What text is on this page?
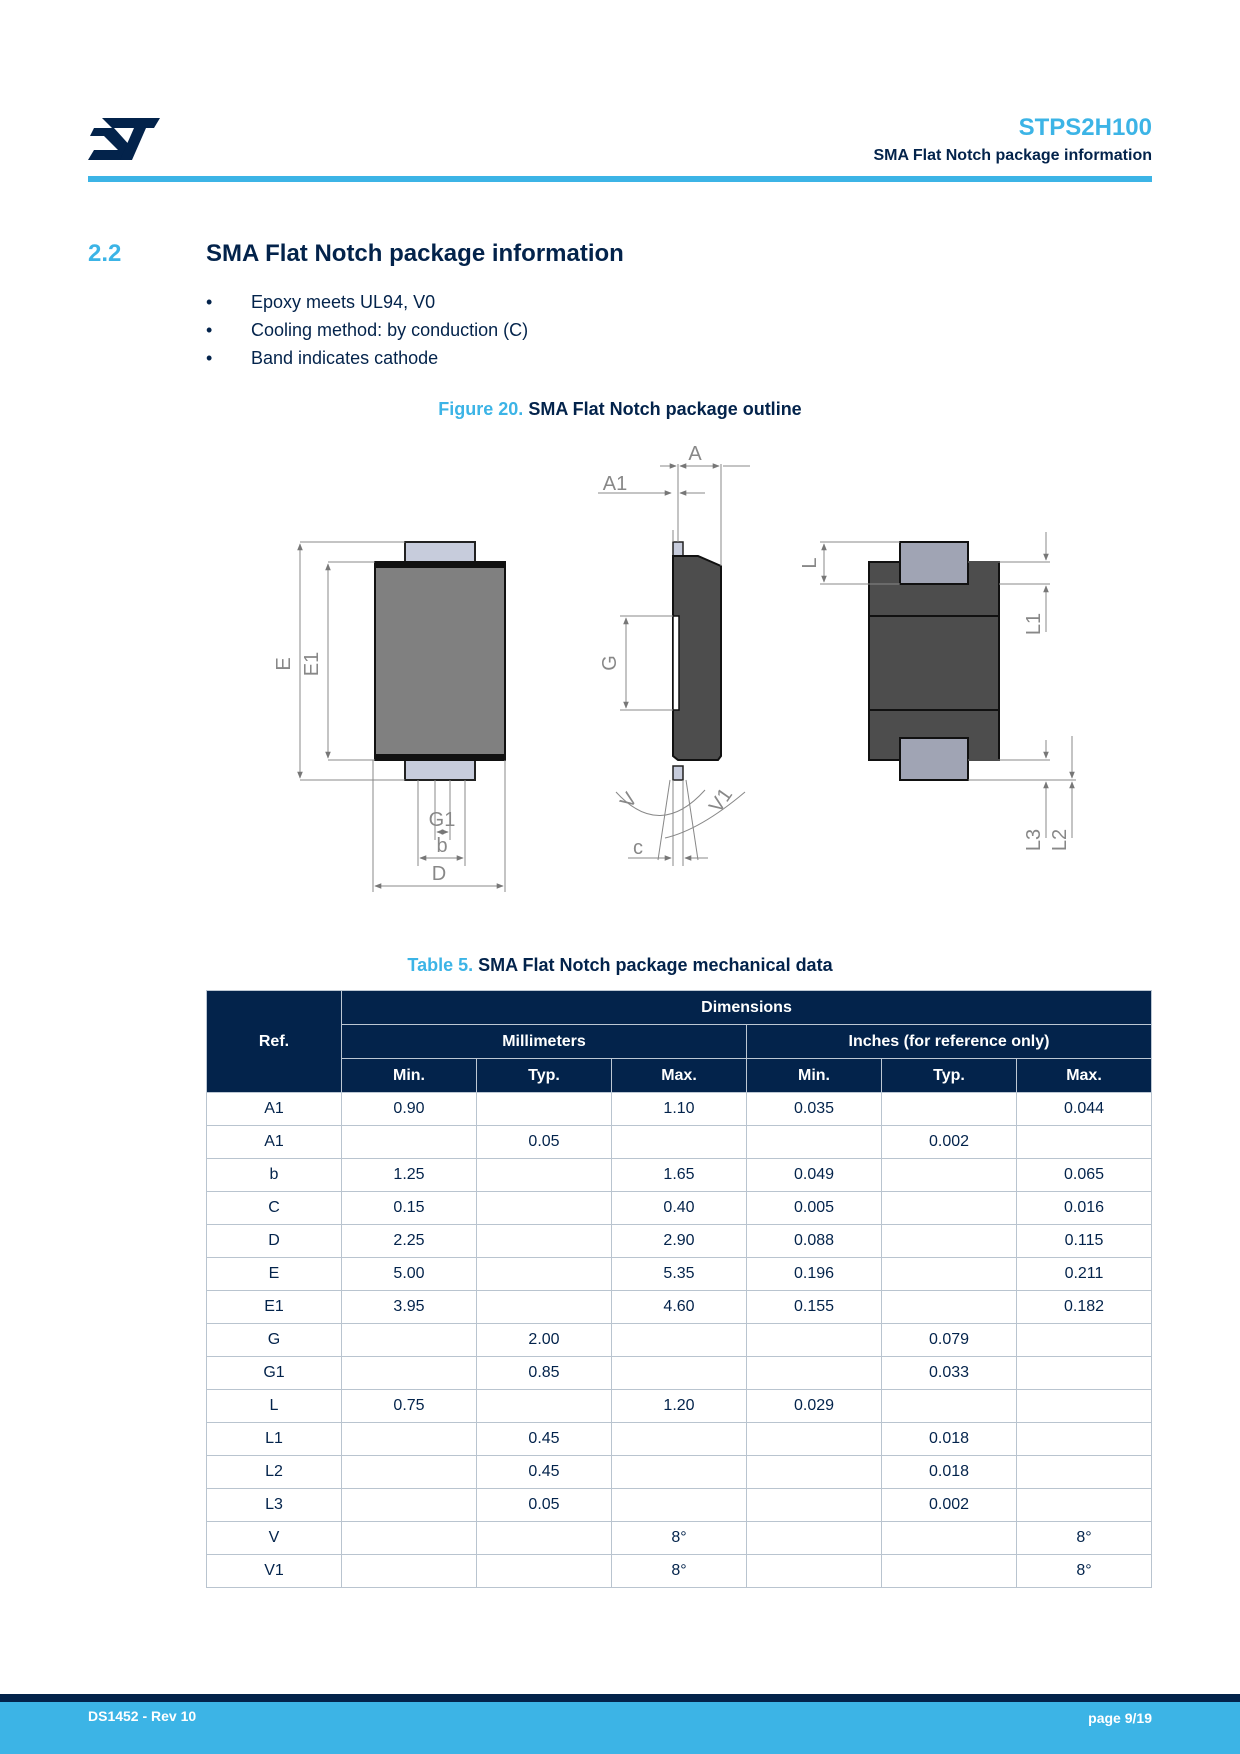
STPS2H100
SMA Flat Notch package information
2.2	SMA Flat Notch package information
• Epoxy meets UL94, V0
• Cooling method: by conduction (C)
• Band indicates cathode
Figure 20. SMA Flat Notch package outline
E E1
G1
b
D
A
A1
G
V	V1
c
L
L1
L3 L2
Table 5. SMA Flat Notch package mechanical data
Ref.	Dimensions					
	Millimeters			Inches (for reference only)		
	Min.	Typ.	Max.	Min.	Typ.	Max.
A1	0.90		1.10	0.035		0.044
A1		0.05			0.002	
b	1.25		1.65	0.049		0.065
C	0.15		0.40	0.005		0.016
D	2.25		2.90	0.088		0.115
E	5.00		5.35	0.196		0.211
E1	3.95		4.60	0.155		0.182
G		2.00			0.079	
G1		0.85			0.033	
L	0.75		1.20	0.029		
L1		0.45			0.018	
L2		0.45			0.018	
L3		0.05			0.002	
V			8°			8°
V1			8°			8°
DS1452 - Rev 10	page 9/19
